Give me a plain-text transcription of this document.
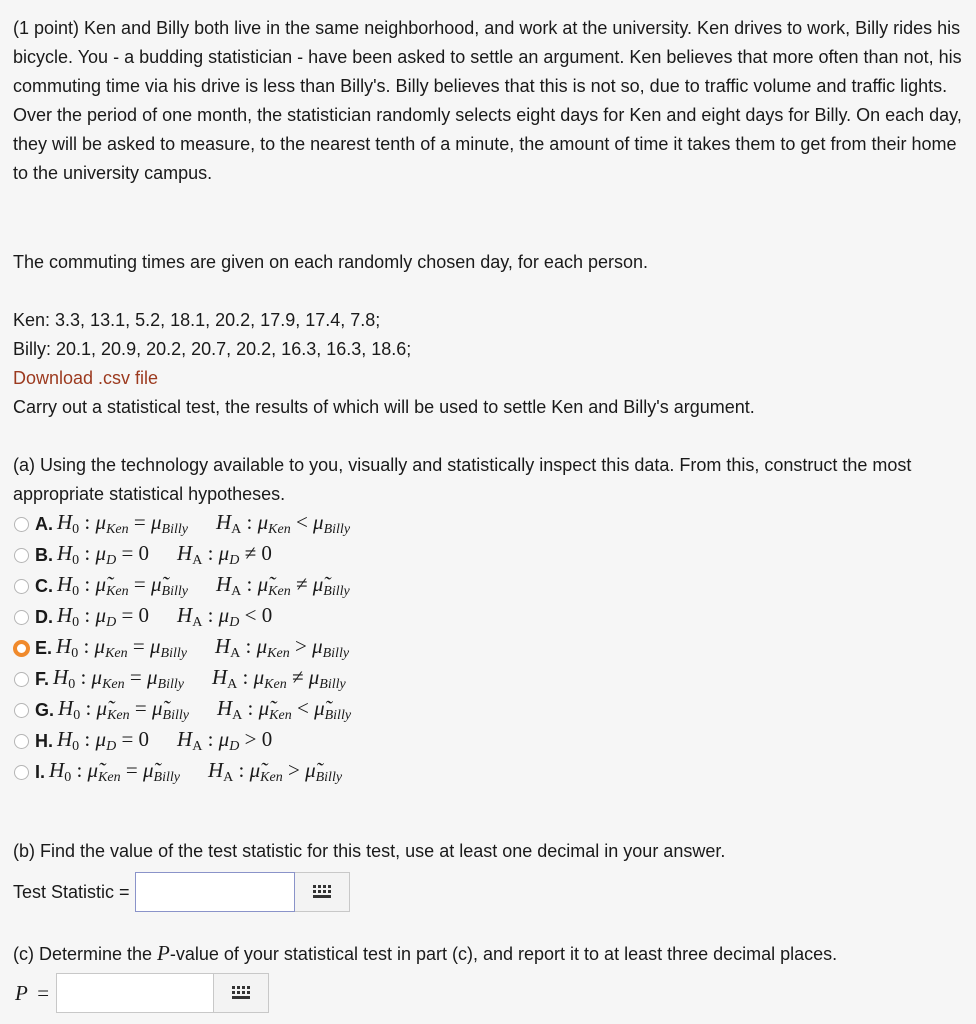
(1 point) Ken and Billy both live in the same neighborhood, and work at the university. Ken drives to work, Billy rides his bicycle. You - a budding statistician - have been asked to settle an argument. Ken believes that more often than not, his commuting time via his drive is less than Billy's. Billy believes that this is not so, due to traffic volume and traffic lights. Over the period of one month, the statistician randomly selects eight days for Ken and eight days for Billy. On each day, they will be asked to measure, to the nearest tenth of a minute, the amount of time it takes them to get from their home to the university campus.

The commuting times are given on each randomly chosen day, for each person.

Ken: 3.3, 13.1, 5.2, 18.1, 20.2, 17.9, 17.4, 7.8;

Billy: 20.1, 20.9, 20.2, 20.7, 20.2, 16.3, 16.3, 18.6;

Download .csv file

Carry out a statistical test, the results of which will be used to settle Ken and Billy's argument.

(a) Using the technology available to you, visually and statistically inspect this data. From this, construct the most appropriate statistical hypotheses.

A. $H_0$ : $\mu_{Ken} = \mu_{Billy}$ $H_A$ : $\mu_{Ken} < \mu_{Billy}$
B. $H_0$ : $\mu_D = 0$ $H_A$ : $\mu_D \ne 0$
C. $H_0$ : $\mũ_{Ken}$ = $\mũ_{Billy}$ $H_A$ : $\mũ_{Ken}$ ≠ $\mũ_{Billy}$
D. $H_0$ : $\mu_D = 0$ $H_A$ : $\mu_D < 0$
E. $H_0$ : $\mu_{Ken} = \mu_{Billy}$ $H_A$ : $\mu_{Ken} > \mu_{Billy}$
F. $H_0$ : $\mu_{Ken} = \mu_{Billy}$ $H_A$ : $\mu_{Ken} \ne \mu_{Billy}$
G. $H_0$ : $\mũ_{Ken}$ = $\mũ_{Billy}$ $H_A$ : $\mũ_{Ken}$ < $\mũ_{Billy}$
H. $H_0$ : $\mu_D = 0$ $H_A$ : $\mu_D > 0$
I. $H_0$ : $\mũ_{Ken}$ = $\mũ_{Billy}$ $H_A$ : $\mũ_{Ken}$ > $\mũ_{Billy}$
(b) Find the value of the test statistic for this test, use at least one decimal in your answer.
Test Statistic =
(c) Determine the P-value of your statistical test in part (c), and report it to at least three decimal places.
P =
